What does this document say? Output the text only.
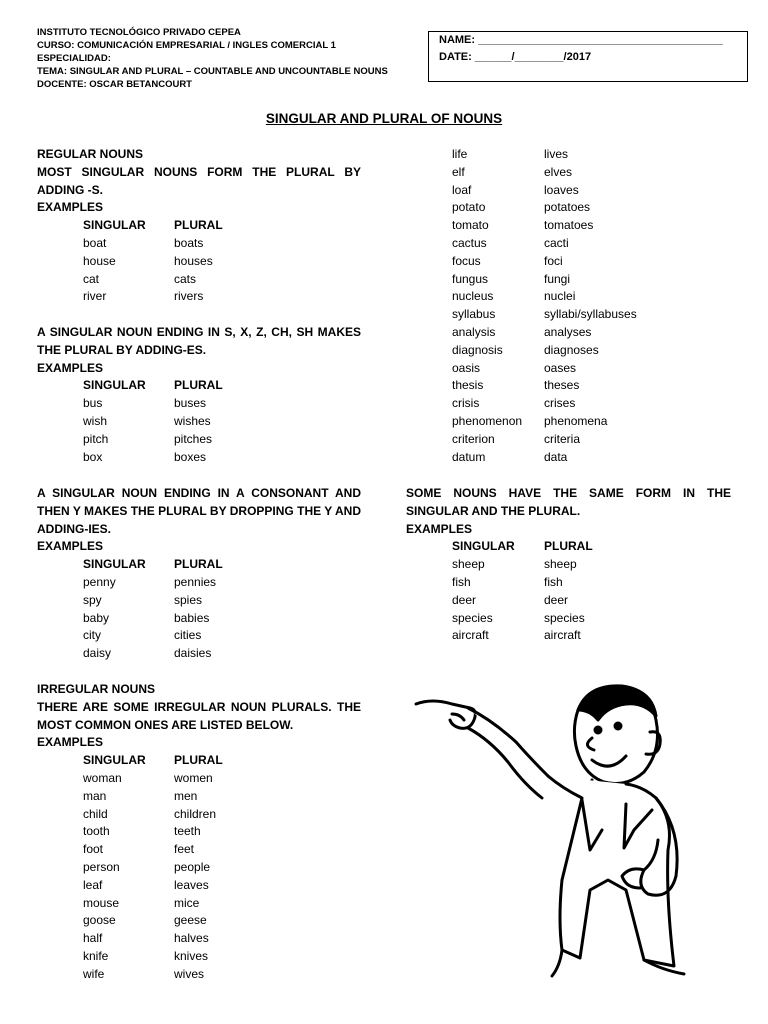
INSTITUTO TECNOLÓGICO PRIVADO CEPEA
CURSO: COMUNICACIÓN EMPRESARIAL / INGLES COMERCIAL 1
ESPECIALIDAD:
TEMA: SINGULAR AND PLURAL – COUNTABLE AND UNCOUNTABLE NOUNS
DOCENTE: OSCAR BETANCOURT
NAME: ________________________________________
DATE: ______/________/2017
SINGULAR AND PLURAL OF NOUNS
REGULAR NOUNS
MOST SINGULAR NOUNS FORM THE PLURAL BY ADDING -S.
EXAMPLES
SINGULAR	PLURAL
boat	boats
house	houses
cat	cats
river	rivers
A SINGULAR NOUN ENDING IN S, X, Z, CH, SH MAKES THE PLURAL BY ADDING-ES.
EXAMPLES
SINGULAR	PLURAL
bus	buses
wish	wishes
pitch	pitches
box	boxes
A SINGULAR NOUN ENDING IN A CONSONANT AND THEN Y MAKES THE PLURAL BY DROPPING THE Y AND ADDING-IES.
EXAMPLES
SINGULAR	PLURAL
penny	pennies
spy	spies
baby	babies
city	cities
daisy	daisies
IRREGULAR NOUNS
THERE ARE SOME IRREGULAR NOUN PLURALS. THE MOST COMMON ONES ARE LISTED BELOW.
EXAMPLES
SINGULAR	PLURAL
woman	women
man	men
child	children
tooth	teeth
foot	feet
person	people
leaf	leaves
mouse	mice
goose	geese
half	halves
knife	knives
wife	wives
life	lives
elf	elves
loaf	loaves
potato	potatoes
tomato	tomatoes
cactus	cacti
focus	foci
fungus	fungi
nucleus	nuclei
syllabus	syllabi/syllabuses
analysis	analyses
diagnosis	diagnoses
oasis	oases
thesis	theses
crisis	crises
phenomenon	phenomena
criterion	criteria
datum	data
SOME NOUNS HAVE THE SAME FORM IN THE SINGULAR AND THE PLURAL.
EXAMPLES
SINGULAR	PLURAL
sheep	sheep
fish	fish
deer	deer
species	species
aircraft	aircraft
